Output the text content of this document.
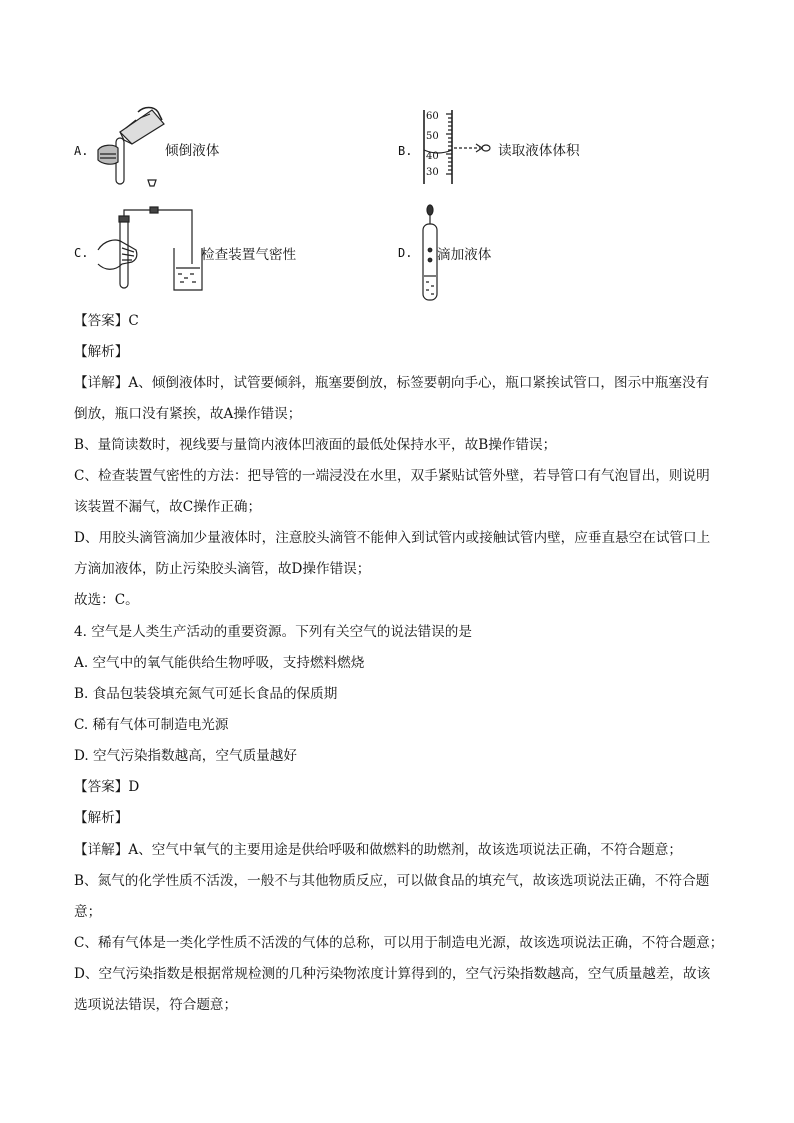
A.	倾倒液体	B.
60
50
40
30
读取液体体积
C.	检查装置气密性	D. 滴加液体
【答案】C
【解析】
【详解】A、倾倒液体时，试管要倾斜，瓶塞要倒放，标签要朝向手心，瓶口紧挨试管口，图示中瓶塞没有
倒放，瓶口没有紧挨，故A操作错误；
B、量筒读数时，视线要与量筒内液体凹液面的最低处保持水平，故B操作错误；
C、检查装置气密性的方法：把导管的一端浸没在水里，双手紧贴试管外壁，若导管口有气泡冒出，则说明
该装置不漏气，故C操作正确；
D、用胶头滴管滴加少量液体时，注意胶头滴管不能伸入到试管内或接触试管内壁，应垂直悬空在试管口上
方滴加液体，防止污染胶头滴管，故D操作错误；
故选：C。
4. 空气是人类生产活动的重要资源。下列有关空气的说法错误的是
A. 空气中的氧气能供给生物呼吸，支持燃料燃烧
B. 食品包装袋填充氮气可延长食品的保质期
C. 稀有气体可制造电光源
D. 空气污染指数越高，空气质量越好
【答案】D
【解析】
【详解】A、空气中氧气的主要用途是供给呼吸和做燃料的助燃剂，故该选项说法正确，不符合题意；
B、氮气的化学性质不活泼，一般不与其他物质反应，可以做食品的填充气，故该选项说法正确，不符合题
意；
C、稀有气体是一类化学性质不活泼的气体的总称，可以用于制造电光源，故该选项说法正确，不符合题意；
D、空气污染指数是根据常规检测的几种污染物浓度计算得到的，空气污染指数越高，空气质量越差，故该
选项说法错误，符合题意；
